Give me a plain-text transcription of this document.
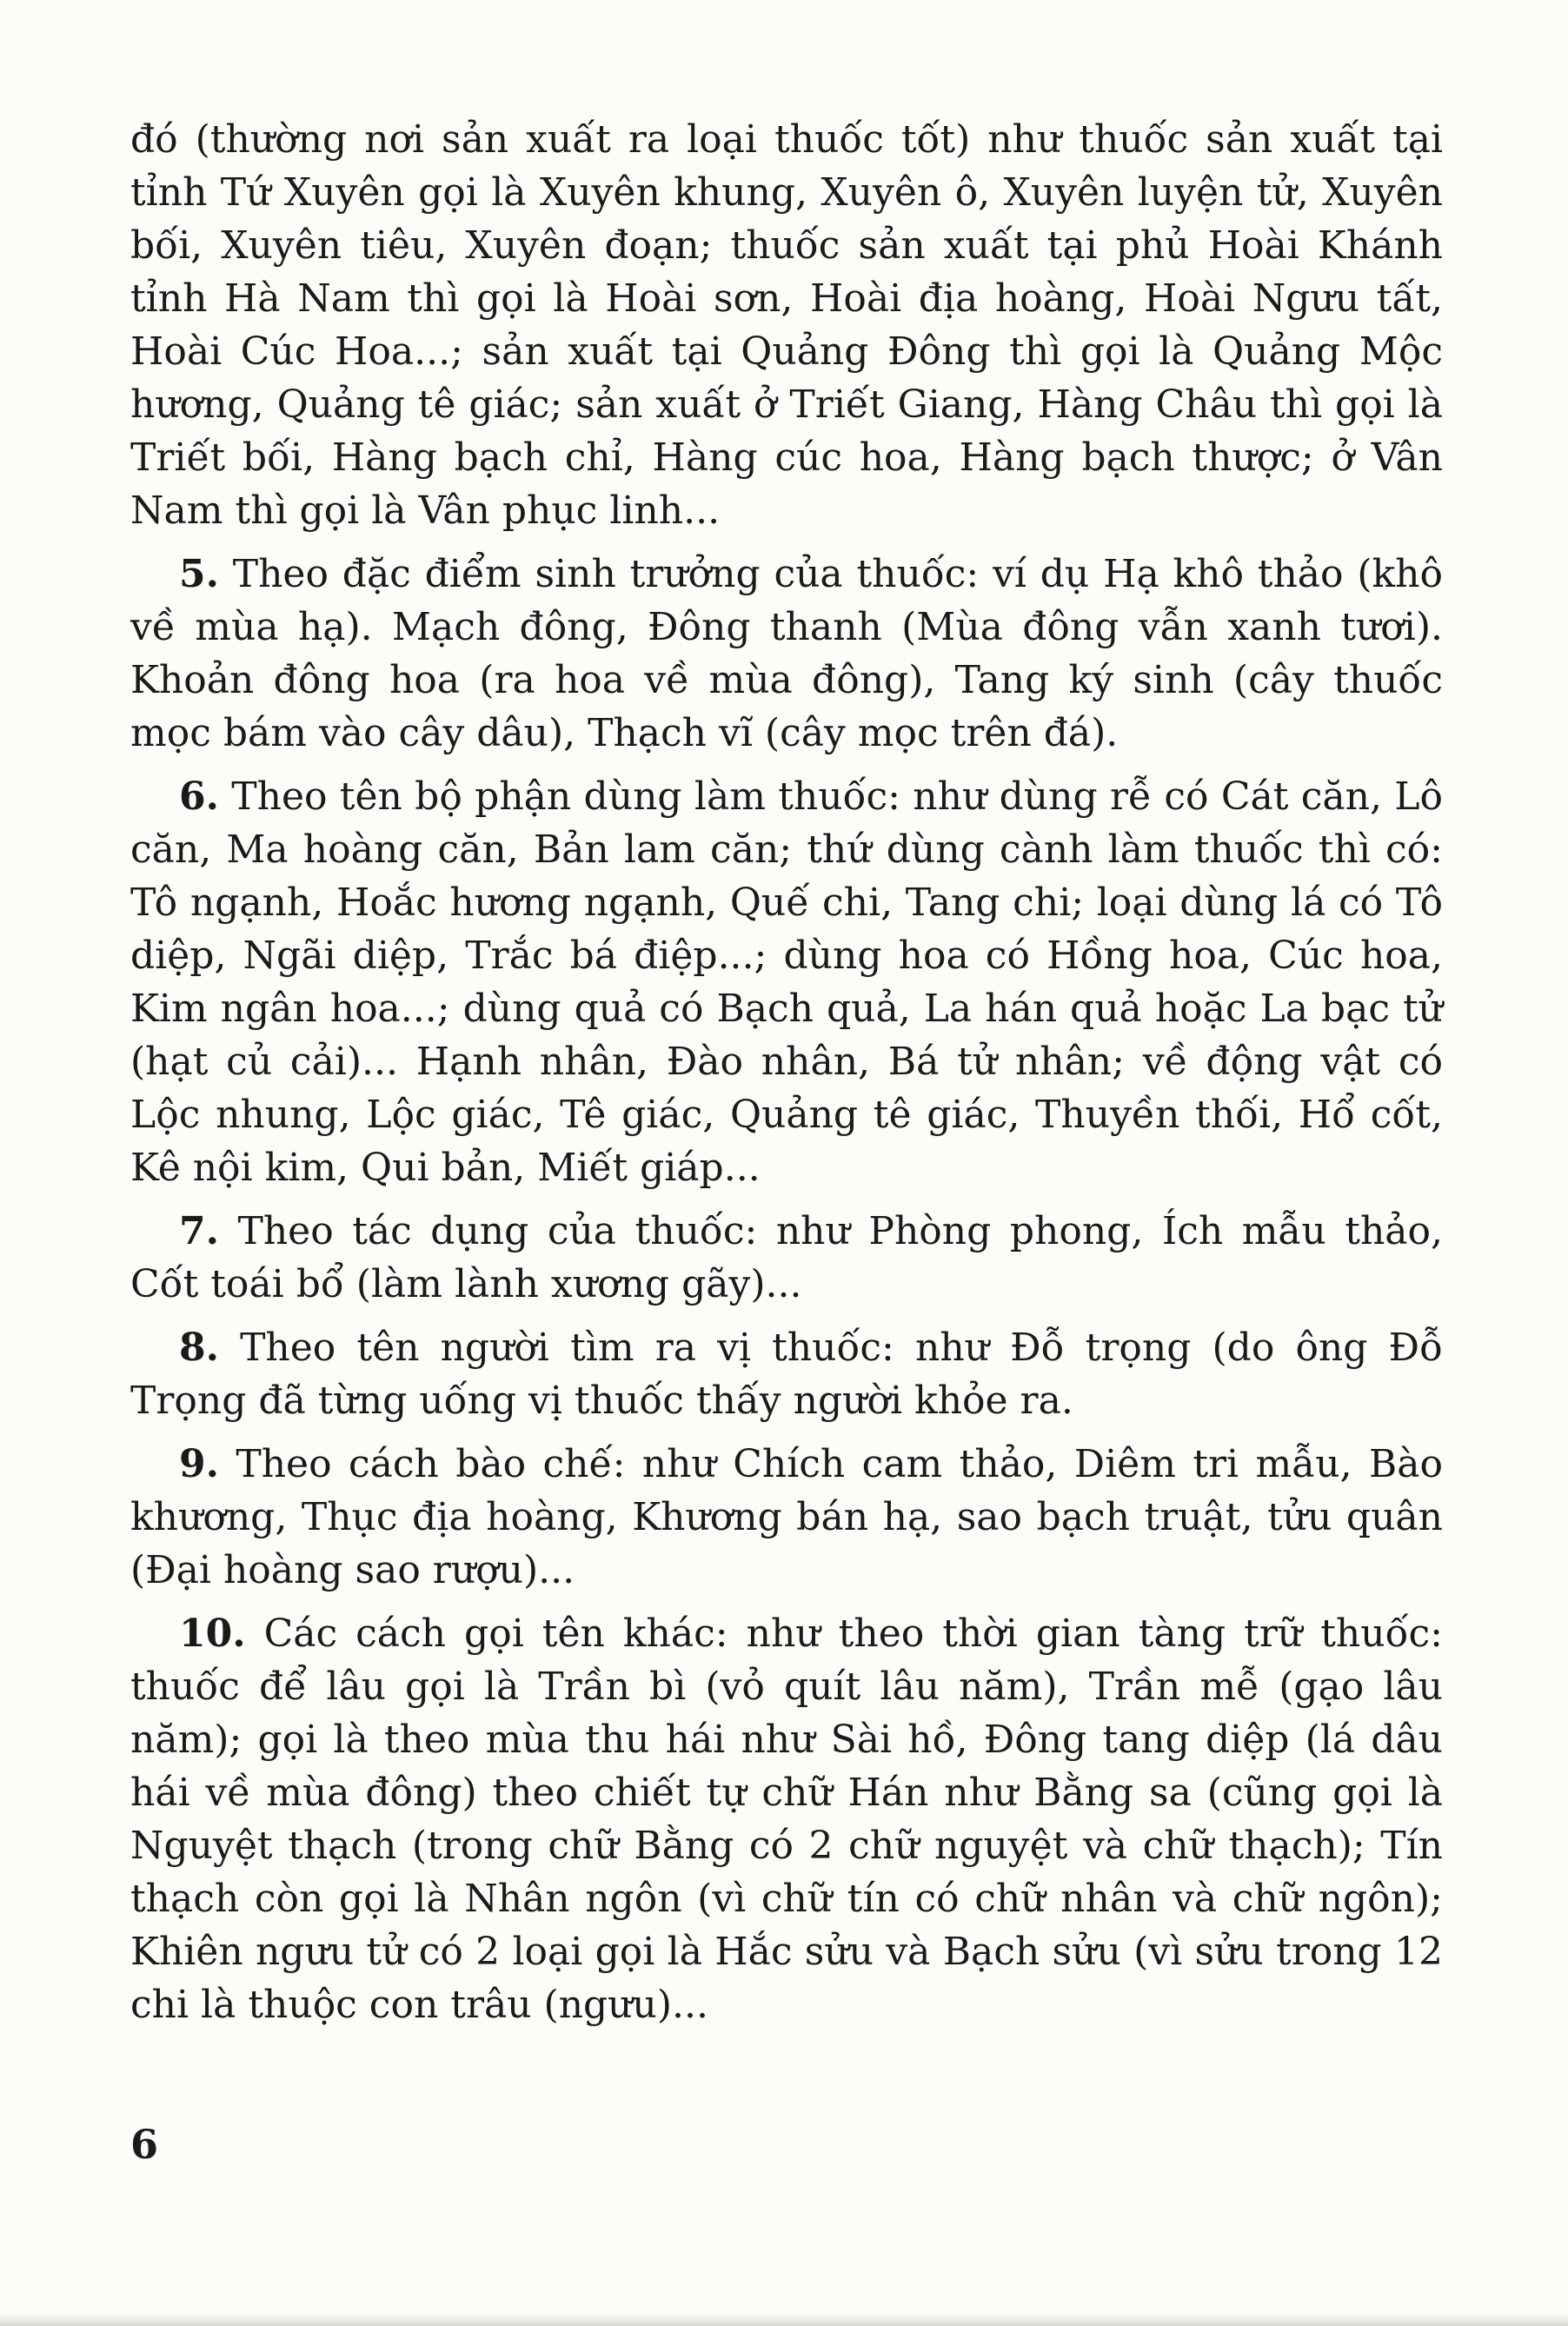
đó (thường nơi sản xuất ra loại thuốc tốt) như thuốc sản xuất tại tỉnh Tứ Xuyên gọi là Xuyên khung, Xuyên ô, Xuyên luyện tử, Xuyên bối, Xuyên tiêu, Xuyên đoạn; thuốc sản xuất tại phủ Hoài Khánh tỉnh Hà Nam thì gọi là Hoài sơn, Hoài địa hoàng, Hoài Ngưu tất, Hoài Cúc Hoa...; sản xuất tại Quảng Đông thì gọi là Quảng Mộc hương, Quảng tê giác; sản xuất ở Triết Giang, Hàng Châu thì gọi là Triết bối, Hàng bạch chỉ, Hàng cúc hoa, Hàng bạch thược; ở Vân Nam thì gọi là Vân phục linh...

5. Theo đặc điểm sinh trưởng của thuốc: ví dụ Hạ khô thảo (khô về mùa hạ). Mạch đông, Đông thanh (Mùa đông vẫn xanh tươi). Khoản đông hoa (ra hoa về mùa đông), Tang ký sinh (cây thuốc mọc bám vào cây dâu), Thạch vĩ (cây mọc trên đá).

6. Theo tên bộ phận dùng làm thuốc: như dùng rễ có Cát căn, Lô căn, Ma hoàng căn, Bản lam căn; thứ dùng cành làm thuốc thì có: Tô ngạnh, Hoắc hương ngạnh, Quế chi, Tang chi; loại dùng lá có Tô diệp, Ngãi diệp, Trắc bá điệp...; dùng hoa có Hồng hoa, Cúc hoa, Kim ngân hoa...; dùng quả có Bạch quả, La hán quả hoặc La bạc tử (hạt củ cải)... Hạnh nhân, Đào nhân, Bá tử nhân; về động vật có Lộc nhung, Lộc giác, Tê giác, Quảng tê giác, Thuyền thối, Hổ cốt, Kê nội kim, Qui bản, Miết giáp...

7. Theo tác dụng của thuốc: như Phòng phong, Ích mẫu thảo, Cốt toái bổ (làm lành xương gãy)...

8. Theo tên người tìm ra vị thuốc: như Đỗ trọng (do ông Đỗ Trọng đã từng uống vị thuốc thấy người khỏe ra.

9. Theo cách bào chế: như Chích cam thảo, Diêm tri mẫu, Bào khương, Thục địa hoàng, Khương bán hạ, sao bạch truật, tửu quân (Đại hoàng sao rượu)...

10. Các cách gọi tên khác: như theo thời gian tàng trữ thuốc: thuốc để lâu gọi là Trần bì (vỏ quít lâu năm), Trần mễ (gạo lâu năm); gọi là theo mùa thu hái như Sài hồ, Đông tang diệp (lá dâu hái về mùa đông) theo chiết tự chữ Hán như Bằng sa (cũng gọi là Nguyệt thạch (trong chữ Bằng có 2 chữ nguyệt và chữ thạch); Tín thạch còn gọi là Nhân ngôn (vì chữ tín có chữ nhân và chữ ngôn); Khiên ngưu tử có 2 loại gọi là Hắc sửu và Bạch sửu (vì sửu trong 12 chi là thuộc con trâu (ngưu)...

6
